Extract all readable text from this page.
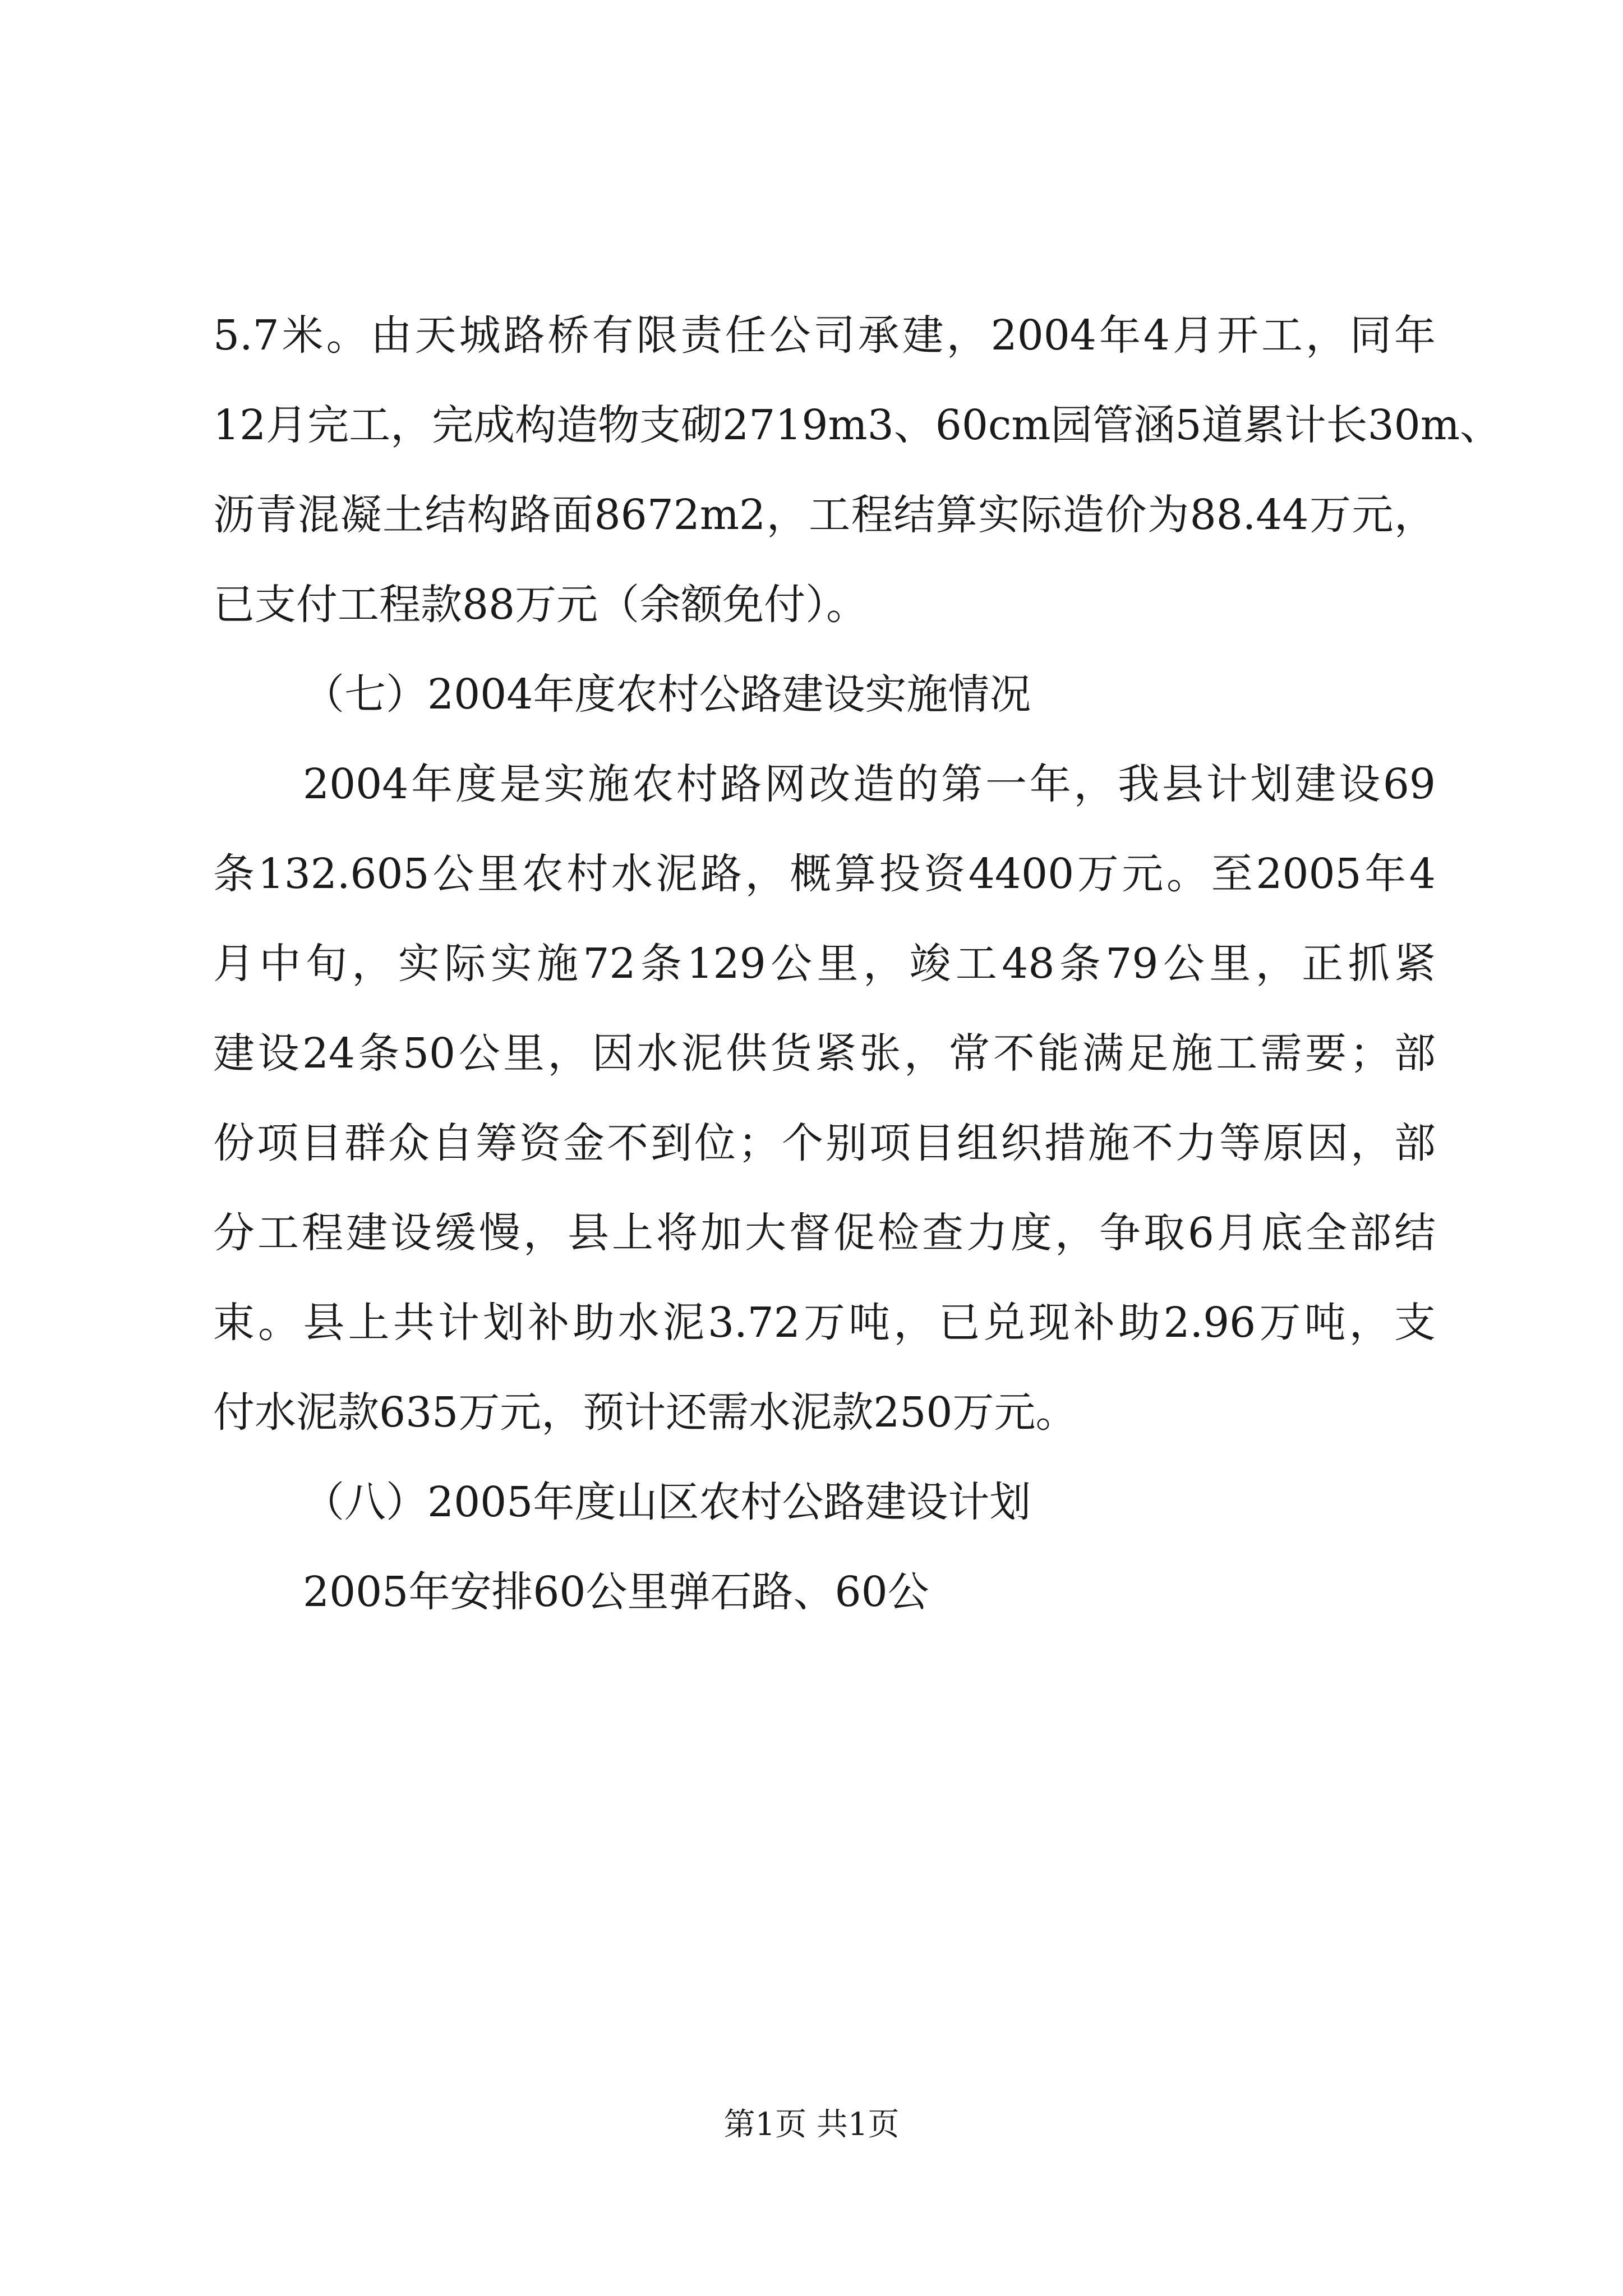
5.7米。由天城路桥有限责任公司承建，2004年4月开工，同年
12月完工，完成构造物支砌2719m3、60cm园管涵5道累计长30m、
沥青混凝土结构路面8672m2，工程结算实际造价为88.44万元，
已支付工程款88万元（余额免付）。
（七）2004年度农村公路建设实施情况
2004年度是实施农村路网改造的第一年，我县计划建设69
条132.605公里农村水泥路，概算投资4400万元。至2005年4
月中旬，实际实施72条129公里，竣工48条79公里，正抓紧
建设24条50公里，因水泥供货紧张，常不能满足施工需要；部
份项目群众自筹资金不到位；个别项目组织措施不力等原因，部
分工程建设缓慢，县上将加大督促检查力度，争取6月底全部结
束。县上共计划补助水泥3.72万吨，已兑现补助2.96万吨，支
付水泥款635万元，预计还需水泥款250万元。
（八）2005年度山区农村公路建设计划
2005年安排60公里弹石路、60公
第1页 共1页
